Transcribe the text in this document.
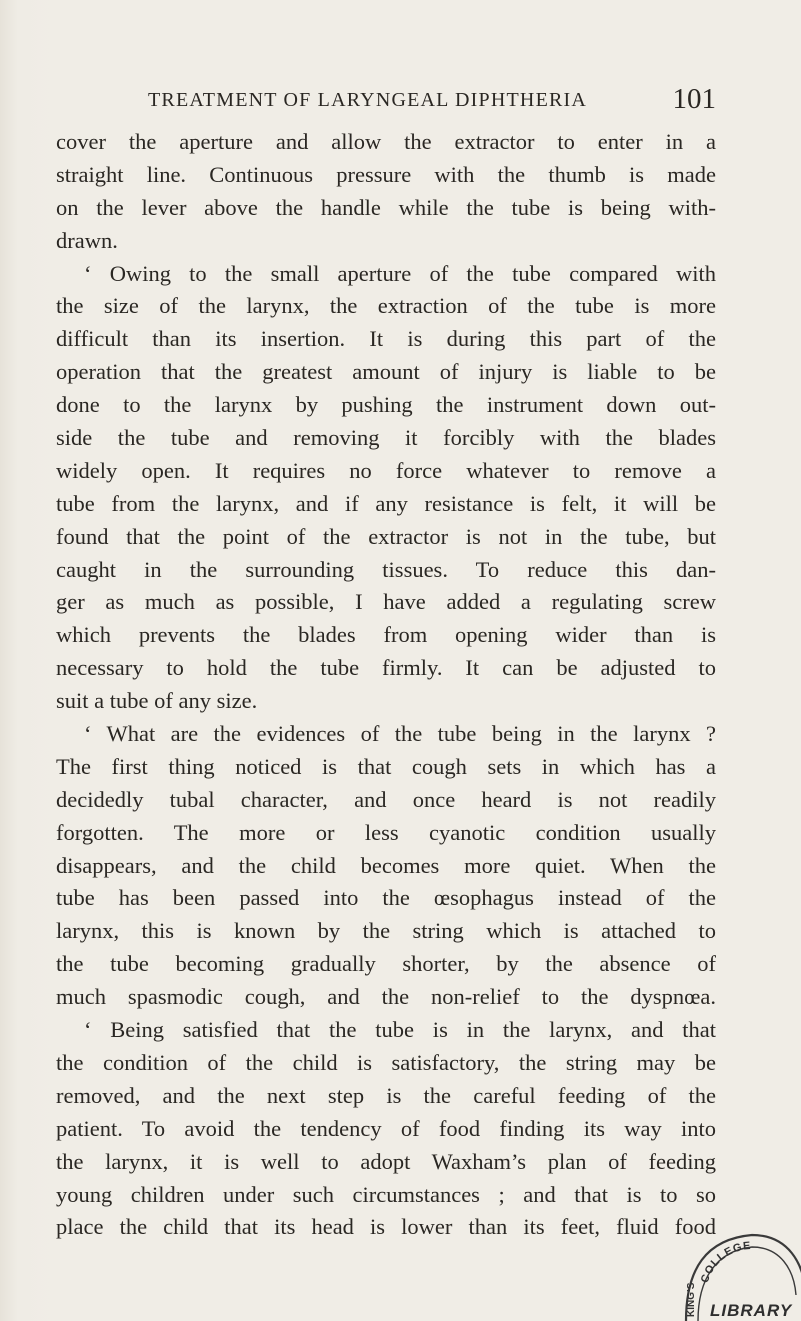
TREATMENT OF LARYNGEAL DIPHTHERIA	101
cover the aperture and allow the extractor to enter in a
straight line. Continuous pressure with the thumb is made
on the lever above the handle while the tube is being with-
drawn.
‘ Owing to the small aperture of the tube compared with
the size of the larynx, the extraction of the tube is more
difficult than its insertion. It is during this part of the
operation that the greatest amount of injury is liable to be
done to the larynx by pushing the instrument down out-
side the tube and removing it forcibly with the blades
widely open. It requires no force whatever to remove a
tube from the larynx, and if any resistance is felt, it will be
found that the point of the extractor is not in the tube, but
caught in the surrounding tissues. To reduce this dan-
ger as much as possible, I have added a regulating screw
which prevents the blades from opening wider than is
necessary to hold the tube firmly. It can be adjusted to
suit a tube of any size.
‘ What are the evidences of the tube being in the larynx ?
The first thing noticed is that cough sets in which has a
decidedly tubal character, and once heard is not readily
forgotten. The more or less cyanotic condition usually
disappears, and the child becomes more quiet. When the
tube has been passed into the œsophagus instead of the
larynx, this is known by the string which is attached to
the tube becoming gradually shorter, by the absence of
much spasmodic cough, and the non-relief to the dyspnœa.
‘ Being satisfied that the tube is in the larynx, and that
the condition of the child is satisfactory, the string may be
removed, and the next step is the careful feeding of the
patient. To avoid the tendency of food finding its way into
the larynx, it is well to adopt Waxham’s plan of feeding
young children under such circumstances ; and that is to so
place the child that its head is lower than its feet, fluid food
COLLEGE
KING’S LIBRARY
